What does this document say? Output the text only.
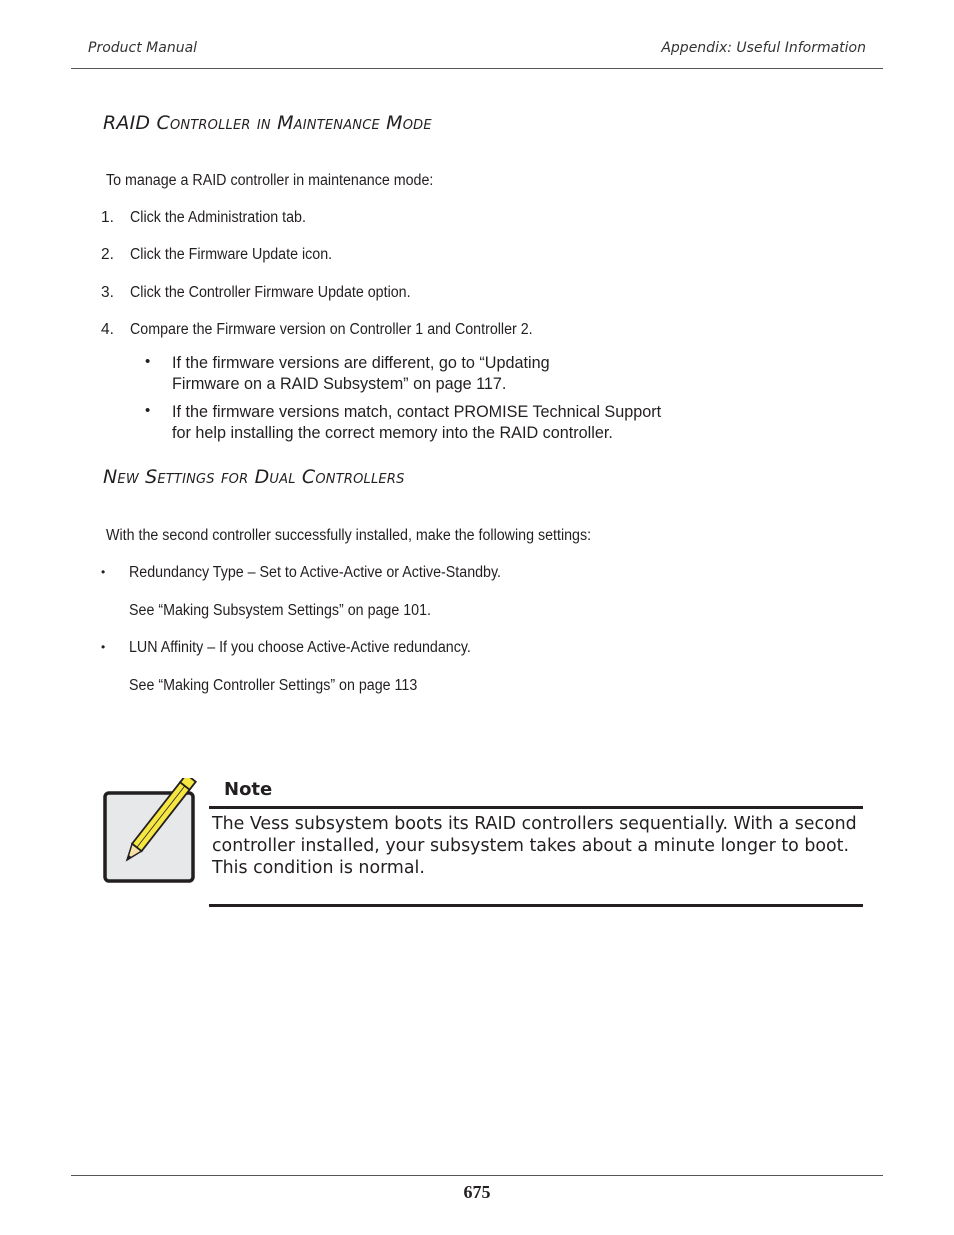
Product Manual	Appendix: Useful Information
RAID Controller in Maintenance Mode
To manage a RAID controller in maintenance mode:
1. Click the Administration tab.
2. Click the Firmware Update icon.
3. Click the Controller Firmware Update option.
4. Compare the Firmware version on Controller 1 and Controller 2.
• If the firmware versions are different, go to “Updating
Firmware on a RAID Subsystem” on page 117.
• If the firmware versions match, contact PROMISE Technical Support
for help installing the correct memory into the RAID controller.
New Settings for Dual Controllers
With the second controller successfully installed, make the following settings:
• Redundancy Type – Set to Active-Active or Active-Standby.
See “Making Subsystem Settings” on page 101.
• LUN Affinity – If you choose Active-Active redundancy.
See “Making Controller Settings” on page 113
Note
The Vess subsystem boots its RAID controllers sequentially. With a second controller installed, your subsystem takes about a minute longer to boot. This condition is normal.
675
